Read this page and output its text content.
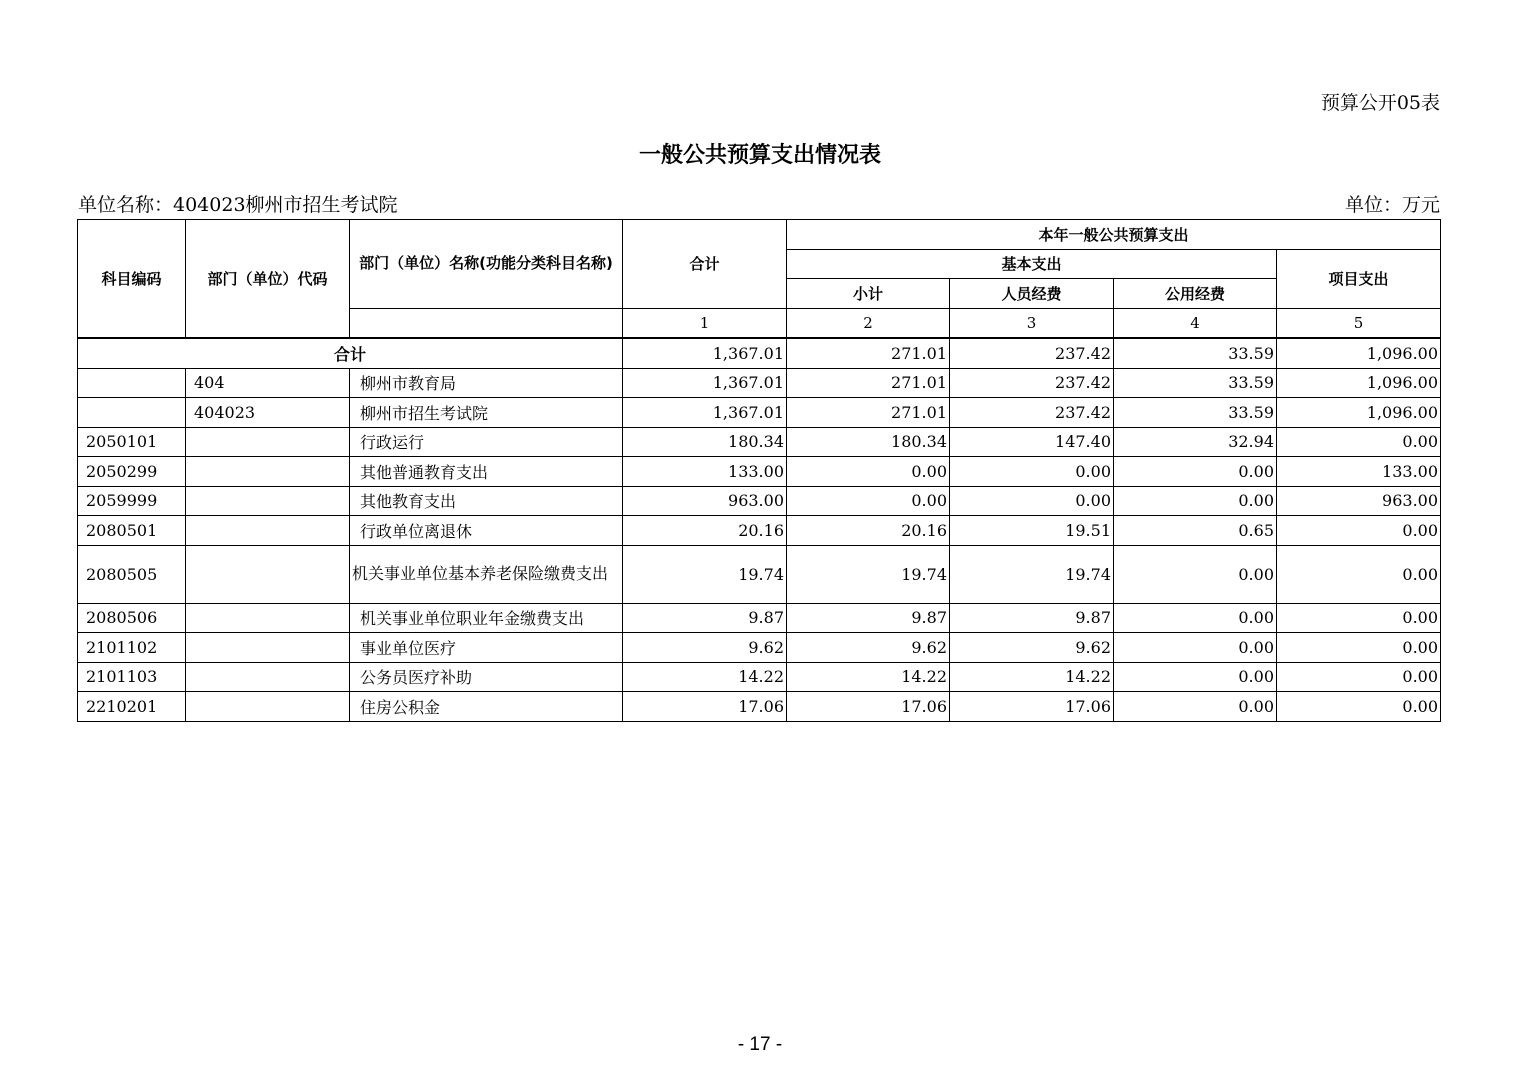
预算公开05表
一般公共预算支出情况表
单位名称：404023柳州市招生考试院	单位：万元
科目编码	部门（单位）代码	部门（单位）名称(功能分类科目名称)	合计	本年一般公共预算支出			
				基本支出			项目支出
				小计	人员经费	公用经费	
			1	2	3	4	5
合计			1,367.01	271.01	237.42	33.59	1,096.00
	404	柳州市教育局	1,367.01	271.01	237.42	33.59	1,096.00
	404023	柳州市招生考试院	1,367.01	271.01	237.42	33.59	1,096.00
2050101		行政运行	180.34	180.34	147.40	32.94	0.00
2050299		其他普通教育支出	133.00	0.00	0.00	0.00	133.00
2059999		其他教育支出	963.00	0.00	0.00	0.00	963.00
2080501		行政单位离退休	20.16	20.16	19.51	0.65	0.00
2080505		机关事业单位基本养老保险缴费支出	19.74	19.74	19.74	0.00	0.00
2080506		机关事业单位职业年金缴费支出	9.87	9.87	9.87	0.00	0.00
2101102		事业单位医疗	9.62	9.62	9.62	0.00	0.00
2101103		公务员医疗补助	14.22	14.22	14.22	0.00	0.00
2210201		住房公积金	17.06	17.06	17.06	0.00	0.00
- 17 -
